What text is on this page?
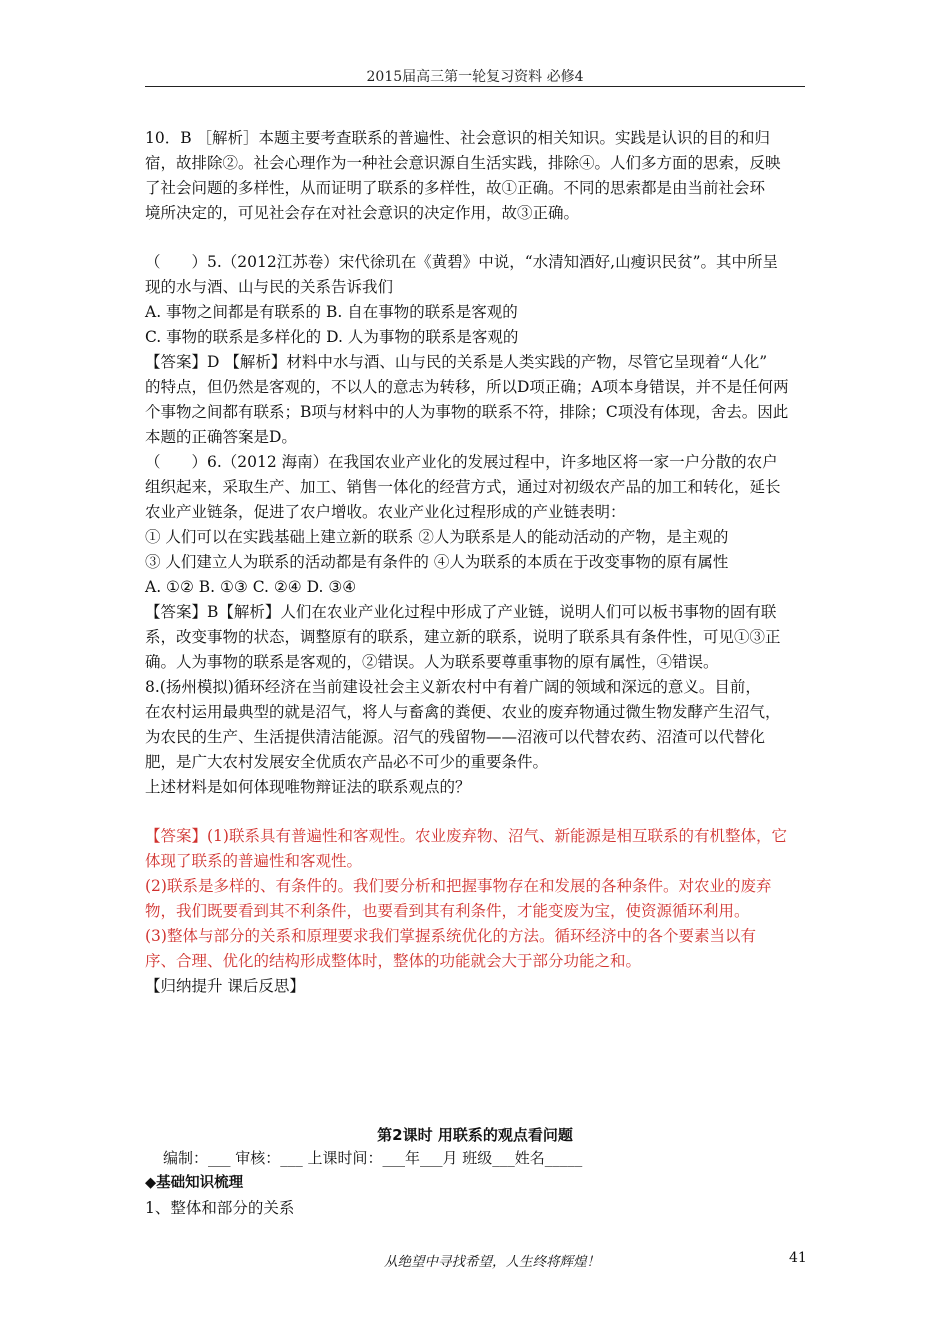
2015届高三第一轮复习资料 必修4
10．B ［解析］本题主要考查联系的普遍性、社会意识的相关知识。实践是认识的目的和归
宿，故排除②。社会心理作为一种社会意识源自生活实践，排除④。人们多方面的思索，反映
了社会问题的多样性，从而证明了联系的多样性，故①正确。不同的思索都是由当前社会环
境所决定的，可见社会存在对社会意识的决定作用，故③正确。
（　　）5.（2012江苏卷）宋代徐玑在《黄碧》中说，“水清知酒好,山瘦识民贫”。其中所呈
现的水与酒、山与民的关系告诉我们
A. 事物之间都是有联系的 B. 自在事物的联系是客观的
C. 事物的联系是多样化的 D. 人为事物的联系是客观的
【答案】D 【解析】材料中水与酒、山与民的关系是人类实践的产物，尽管它呈现着“人化”
的特点，但仍然是客观的，不以人的意志为转移，所以D项正确；A项本身错误，并不是任何两
个事物之间都有联系；B项与材料中的人为事物的联系不符，排除；C项没有体现，舍去。因此
本题的正确答案是D。
（　　）6.（2012 海南）在我国农业产业化的发展过程中，许多地区将一家一户分散的农户
组织起来，采取生产、加工、销售一体化的经营方式，通过对初级农产品的加工和转化，延长
农业产业链条，促进了农户增收。农业产业化过程形成的产业链表明：
① 人们可以在实践基础上建立新的联系 ②人为联系是人的能动活动的产物，是主观的
③ 人们建立人为联系的活动都是有条件的 ④人为联系的本质在于改变事物的原有属性
A. ①② B. ①③ C. ②④ D. ③④
【答案】B【解析】人们在农业产业化过程中形成了产业链，说明人们可以板书事物的固有联
系，改变事物的状态，调整原有的联系，建立新的联系，说明了联系具有条件性，可见①③正
确。人为事物的联系是客观的，②错误。人为联系要尊重事物的原有属性，④错误。
8.(扬州模拟)循环经济在当前建设社会主义新农村中有着广阔的领域和深远的意义。目前，
在农村运用最典型的就是沼气，将人与畜禽的粪便、农业的废弃物通过微生物发酵产生沼气，
为农民的生产、生活提供清洁能源。沼气的残留物——沼液可以代替农药、沼渣可以代替化
肥，是广大农村发展安全优质农产品必不可少的重要条件。
上述材料是如何体现唯物辩证法的联系观点的？
【答案】(1)联系具有普遍性和客观性。农业废弃物、沼气、新能源是相互联系的有机整体，它
体现了联系的普遍性和客观性。
(2)联系是多样的、有条件的。我们要分析和把握事物存在和发展的各种条件。对农业的废弃
物，我们既要看到其不利条件，也要看到其有利条件，才能变废为宝，使资源循环利用。
(3)整体与部分的关系和原理要求我们掌握系统优化的方法。循环经济中的各个要素当以有
序、合理、优化的结构形成整体时，整体的功能就会大于部分功能之和。
【归纳提升 课后反思】
第2课时 用联系的观点看问题
编制：___ 审核：___ 上课时间：___年___月 班级___姓名_____
◆基础知识梳理
1、整体和部分的关系
从绝望中寻找希望，人生终将辉煌！	41
